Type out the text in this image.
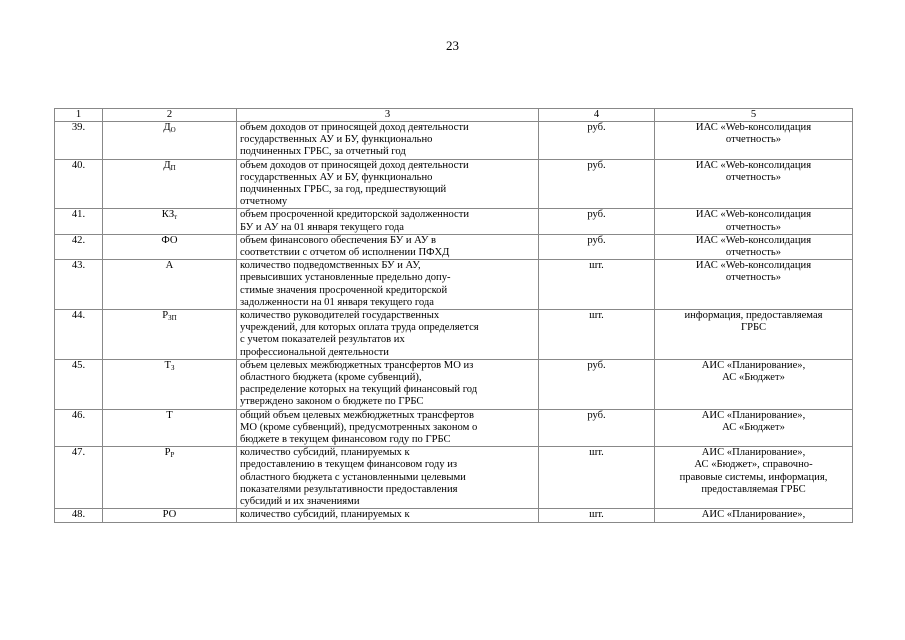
23
1	2	3	4	5
39.	$Д_О$	объем доходов от приносящей доход деятельности
государственных АУ и БУ, функционально
подчиненных ГРБС, за отчетный год	руб.	ИАС «Web-консолидация
отчетность»
40.	$Д_П$	объем доходов от приносящей доход деятельности
государственных АУ и БУ, функционально
подчиненных ГРБС, за год, предшествующий
отчетному	руб.	ИАС «Web-консолидация
отчетность»
41.	$КЗ_т$	объем просроченной кредиторской задолженности
БУ и АУ на 01 января текущего года	руб.	ИАС «Web-консолидация
отчетность»
42.	ФО	объем финансового обеспечения БУ и АУ в
соответствии с отчетом об исполнении ПФХД	руб.	ИАС «Web-консолидация
отчетность»
43.	А	количество подведомственных БУ и АУ,
превысивших установленные предельно допу-
стимые значения просроченной кредиторской
задолженности на 01 января текущего года	шт.	ИАС «Web-консолидация
отчетность»
44.	$Р_{ЗП}$	количество руководителей государственных
учреждений, для которых оплата труда определяется
с учетом показателей результатов их
профессиональной деятельности	шт.	информация, предоставляемая
ГРБС
45.	$Т_З$	объем целевых межбюджетных трансфертов МО из
областного бюджета (кроме субвенций),
распределение которых на текущий финансовый год
утверждено законом о бюджете по ГРБС	руб.	АИС «Планирование»,
АС «Бюджет»
46.	Т	общий объем целевых межбюджетных трансфертов
МО (кроме субвенций), предусмотренных законом о
бюджете в текущем финансовом году по ГРБС	руб.	АИС «Планирование»,
АС «Бюджет»
47.	$Р_Р$	количество субсидий, планируемых к
предоставлению в текущем финансовом году из
областного бюджета с установленными целевыми
показателями результативности предоставления
субсидий и их значениями	шт.	АИС «Планирование»,
АС «Бюджет», справочно-
правовые системы, информация,
предоставляемая ГРБС
48.	РО	количество субсидий, планируемых к	шт.	АИС «Планирование»,
